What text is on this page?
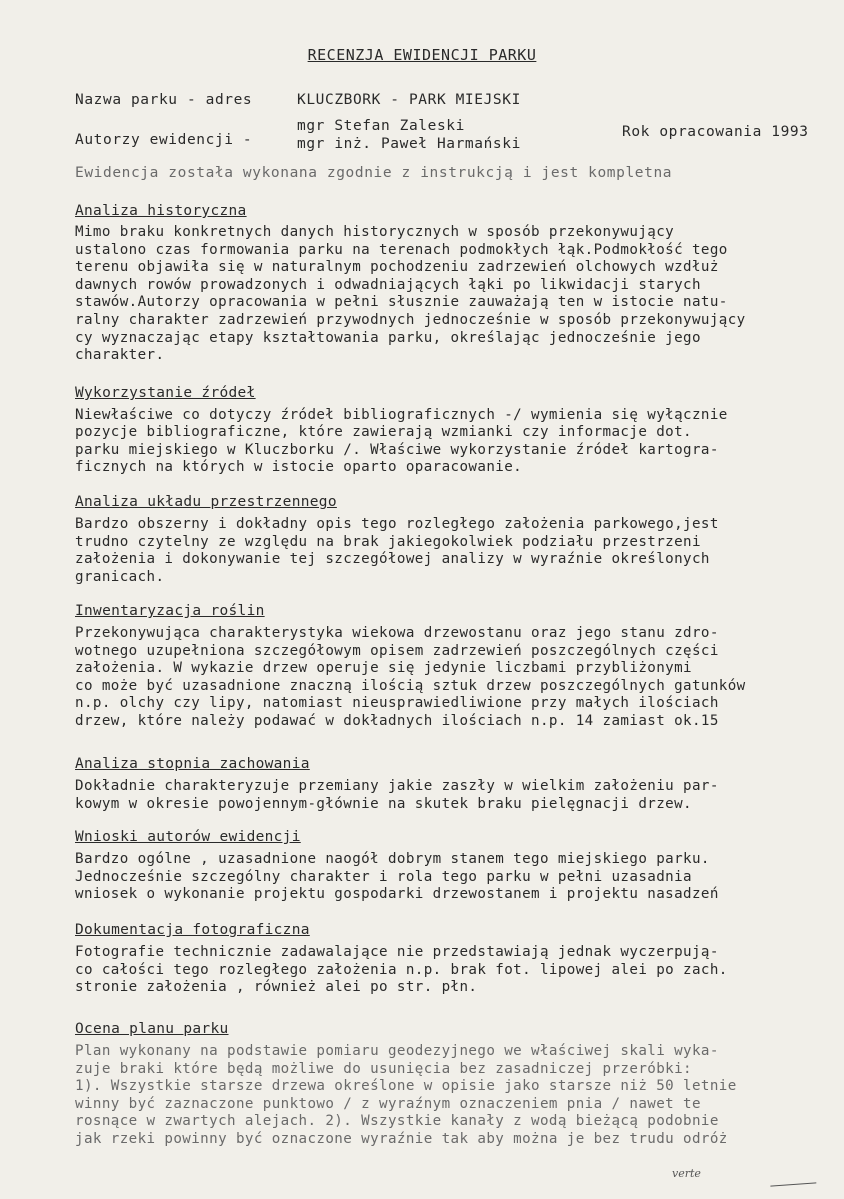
RECENZJA EWIDENCJI PARKU
Nazwa parku - adres	KLUCZBORK - PARK MIEJSKI
Autorzy ewidencji -
mgr Stefan Zaleski
mgr inż. Paweł Harmański
Rok opracowania 1993
Ewidencja została wykonana zgodnie z instrukcją i jest kompletna
Analiza historyczna
Mimo braku konkretnych danych historycznych w sposób przekonywujący
ustalono czas formowania parku na terenach podmokłych łąk.Podmokłość tego
terenu objawiła się w naturalnym pochodzeniu zadrzewień olchowych wzdłuż
dawnych rowów prowadzonych i odwadniających łąki po likwidacji starych
stawów.Autorzy opracowania w pełni słusznie zauważają ten w istocie natu-
ralny charakter zadrzewień przywodnych jednocześnie w sposób przekonywujący
cy wyznaczając etapy kształtowania parku, określając jednocześnie jego
charakter.
Wykorzystanie źródeł
Niewłaściwe co dotyczy źródeł bibliograficznych -/ wymienia się wyłącznie
pozycje bibliograficzne, które zawierają wzmianki czy informacje dot.
parku miejskiego w Kluczborku /. Właściwe wykorzystanie źródeł kartogra-
ficznych na których w istocie oparto oparacowanie.
Analiza układu przestrzennego
Bardzo obszerny i dokładny opis tego rozległego założenia parkowego,jest
trudno czytelny ze względu na brak jakiegokolwiek podziału przestrzeni
założenia i dokonywanie tej szczegółowej analizy w wyraźnie określonych
granicach.
Inwentaryzacja roślin
Przekonywująca charakterystyka wiekowa drzewostanu oraz jego stanu zdro-
wotnego uzupełniona szczegółowym opisem zadrzewień poszczególnych części
założenia. W wykazie drzew operuje się jedynie liczbami przybliżonymi
co może być uzasadnione znaczną ilością sztuk drzew poszczególnych gatunków
n.p. olchy czy lipy, natomiast nieusprawiedliwione przy małych ilościach
drzew, które należy podawać w dokładnych ilościach n.p. 14 zamiast ok.15
Analiza stopnia zachowania
Dokładnie charakteryzuje przemiany jakie zaszły w wielkim założeniu par-
kowym w okresie powojennym-głównie na skutek braku pielęgnacji drzew.
Wnioski autorów ewidencji
Bardzo ogólne , uzasadnione naogół dobrym stanem tego miejskiego parku.
Jednocześnie szczególny charakter i rola tego parku w pełni uzasadnia
wniosek o wykonanie projektu gospodarki drzewostanem i projektu nasadzeń
Dokumentacja fotograficzna
Fotografie technicznie zadawalające nie przedstawiają jednak wyczerpują-
co całości tego rozległego założenia n.p. brak fot. lipowej alei po zach.
stronie założenia , również alei po str. płn.
Ocena planu parku
Plan wykonany na podstawie pomiaru geodezyjnego we właściwej skali wyka-
zuje braki które będą możliwe do usunięcia bez zasadniczej przeróbki:
1). Wszystkie starsze drzewa określone w opisie jako starsze niż 50 letnie
winny być zaznaczone punktowo / z wyraźnym oznaczeniem pnia / nawet te
rosnące w zwartych alejach. 2). Wszystkie kanały z wodą bieżącą podobnie
jak rzeki powinny być oznaczone wyraźnie tak aby można je bez trudu odróż
verte
